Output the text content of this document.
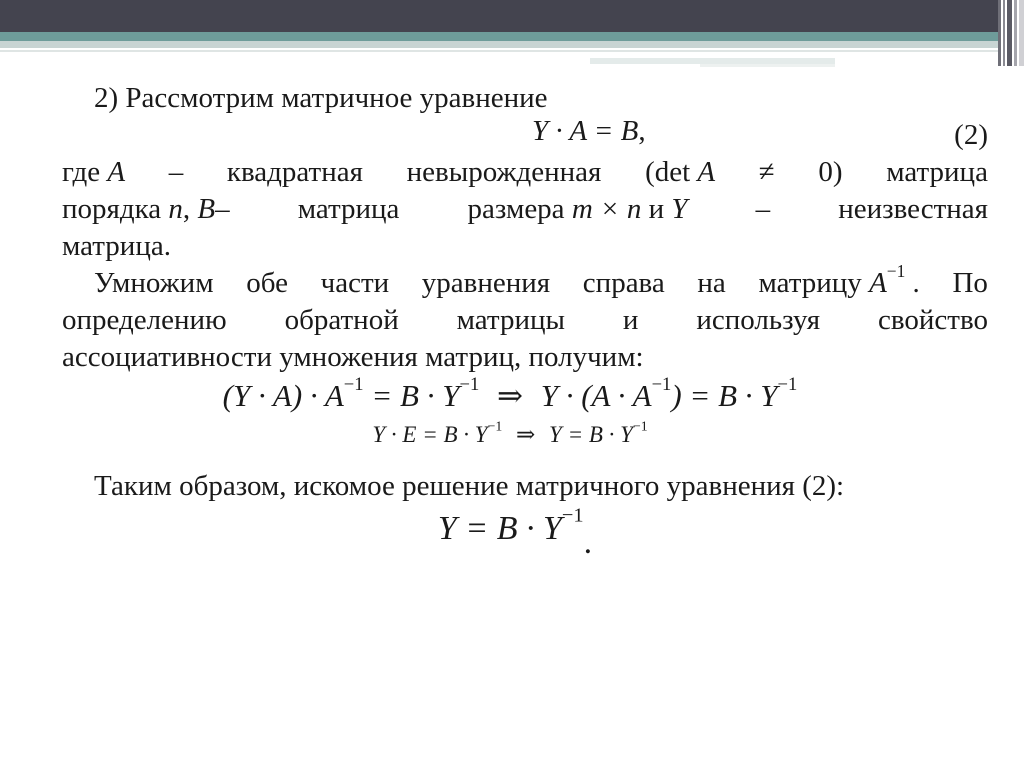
2) Рассмотрим матричное уравнение
Y · A = B,	(2)
где A – квадратная невырожденная (det A ≠ 0) матрица
порядка n, B– матрица размера m × n и Y – неизвестная
матрица.
Умножим обе части уравнения справа на матрицу $A^{-1}$ . По
определению обратной матрицы и используя свойство
ассоциативности умножения матриц, получим:
$(Y \cdot A) \cdot A^{-1} = B \cdot Y^{-1}$ ⇒ $Y \cdot (A \cdot A^{-1}) = B \cdot Y^{-1}$
$Y \cdot E = B \cdot Y^{-1}$ ⇒ $Y = B \cdot Y^{-1}$
Таким образом, искомое решение матричного уравнения (2):
$Y = B \cdot Y^{-1}$.
